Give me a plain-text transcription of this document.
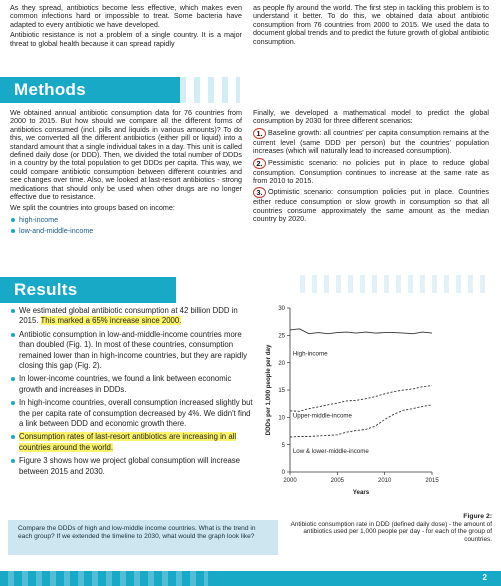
As they spread, antibiotics become less effective, which makes even common infections hard or impossible to treat. Some bacteria have adapted to every antibiotic we have developed.

Antibiotic resistance is not a problem of a single country. It is a major threat to global health because it can spread rapidly

as people fly around the world. The first step in tackling this problem is to understand it better. To do this, we obtained data about antibiotic consumption from 76 countries from 2000 to 2015. We used the data to document global trends and to predict the future growth of global antibiotic consumption.

Methods

We obtained annual antibiotic consumption data for 76 countries from 2000 to 2015. But how should we compare all the different forms of antibiotics consumed (incl. pills and liquids in various amounts)? To do this, we converted all the different antibiotics (either pill or liquid) into a standard amount that a single individual takes in a day. This unit is called defined daily dose (or DDD). Then, we divided the total number of DDDs in a country by the total population to get DDDs per capita. This way, we could compare antibiotic consumption between different countries and see changes over time. Also, we looked at last-resort antibiotics - strong medications that should only be used when other drugs are no longer effective due to resistance.

We split the countries into groups based on income:

high-income
low-and-middle-income

Finally, we developed a mathematical model to predict the global consumption by 2030 for three different scenarios:

1. Baseline growth: all countries' per capita consumption remains at the current level (same DDD per person) but the countries' population increases (which will naturally lead to increased consumption).

2. Pessimistic scenario: no policies put in place to reduce global consumption. Consumption continues to increase at the same rate as from 2010 to 2015.

3. Optimistic scenario: consumption policies put in place. Countries either reduce consumption or slow growth in consumption so that all countries consume approximately the same amount as the median country by 2020.

Results
We estimated global antibiotic consumption at 42 billion DDD in 2015. This marked a 65% increase since 2000.
Antibiotic consumption in low-and-middle-income countries more than doubled (Fig. 1). In most of these countries, consumption remained lower than in high-income countries, but they are rapidly closing this gap (Fig. 2).
In lower-income countries, we found a link between economic growth and increases in DDDs.
In high-income countries, overall consumption increased slightly but the per capita rate of consumption decreased by 4%. We didn't find a link between DDD and economic growth there.
Consumption rates of last-resort antibiotics are increasing in all countries around the world.
Figure 3 shows how we project global consumption will increase between 2015 and 2030.	0
5
10
15
20
25
30
2000	2005	2010	2015
Years
DDDs per 1,000 people per day	High-income
Upper-middle-income
Low & lower-middle-income
Compare the DDDs of high and low-middle income countries. What is the trend in each group? If we extended the timeline to 2030, what would the graph look like?
Figure 2:
Antibiotic consumption rate in DDD (defined daily dose) - the amount of antibiotics used per 1,000 people per day - for each of the group of countries.
2
